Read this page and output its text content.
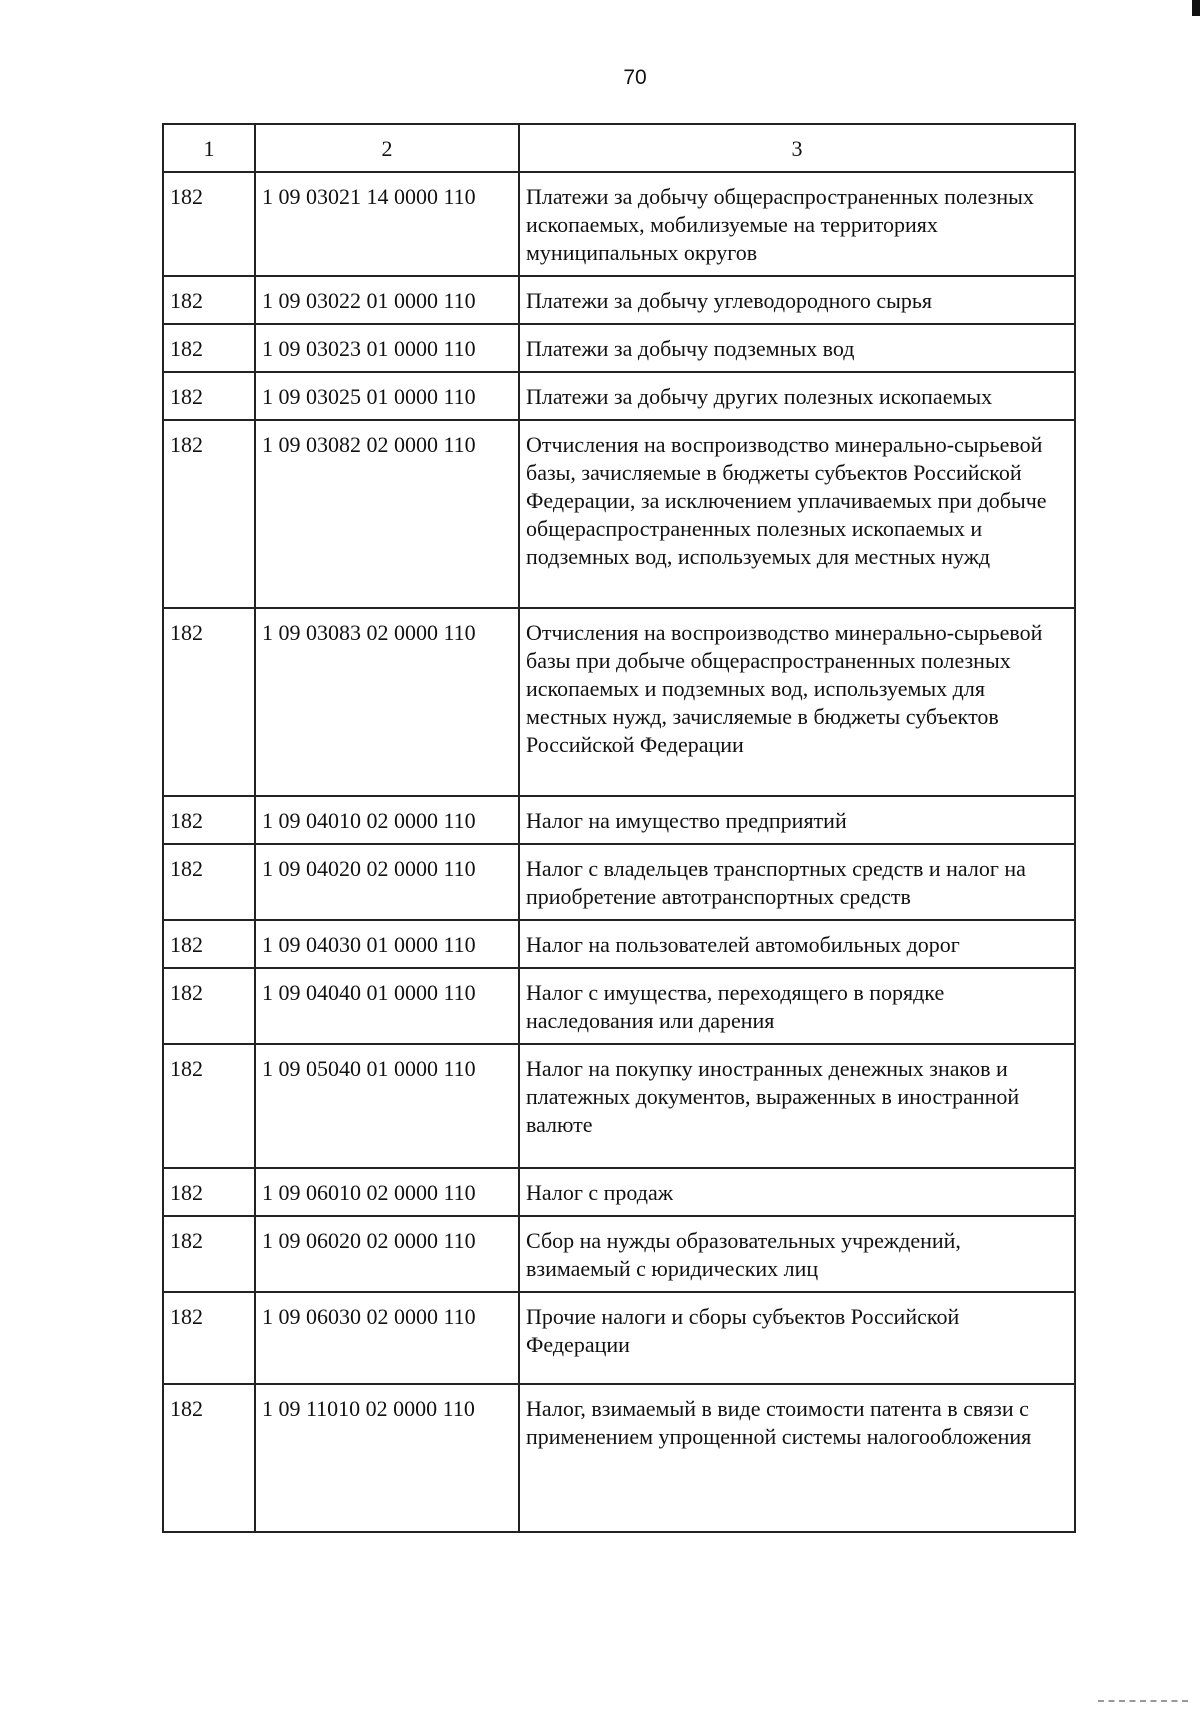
70
1	2	3
182	1 09 03021 14 0000 110	Платежи за добычу общераспространенных полезных ископаемых, мобилизуемые на территориях муниципальных округов
182	1 09 03022 01 0000 110	Платежи за добычу углеводородного сырья
182	1 09 03023 01 0000 110	Платежи за добычу подземных вод
182	1 09 03025 01 0000 110	Платежи за добычу других полезных ископаемых
182	1 09 03082 02 0000 110	Отчисления на воспроизводство минерально-сырьевой базы, зачисляемые в бюджеты субъектов Российской Федерации, за исключением уплачиваемых при добыче общераспространенных полезных ископаемых и подземных вод, используемых для местных нужд
182	1 09 03083 02 0000 110	Отчисления на воспроизводство минерально-сырьевой базы при добыче общераспространенных полезных ископаемых и подземных вод, используемых для местных нужд, зачисляемые в бюджеты субъектов Российской Федерации
182	1 09 04010 02 0000 110	Налог на имущество предприятий
182	1 09 04020 02 0000 110	Налог с владельцев транспортных средств и налог на приобретение автотранспортных средств
182	1 09 04030 01 0000 110	Налог на пользователей автомобильных дорог
182	1 09 04040 01 0000 110	Налог с имущества, переходящего в порядке наследования или дарения
182	1 09 05040 01 0000 110	Налог на покупку иностранных денежных знаков и платежных документов, выраженных в иностранной валюте
182	1 09 06010 02 0000 110	Налог с продаж
182	1 09 06020 02 0000 110	Сбор на нужды образовательных учреждений, взимаемый с юридических лиц
182	1 09 06030 02 0000 110	Прочие налоги и сборы субъектов Российской Федерации
182	1 09 11010 02 0000 110	Налог, взимаемый в виде стоимости патента в связи с применением упрощенной системы налогообложения
